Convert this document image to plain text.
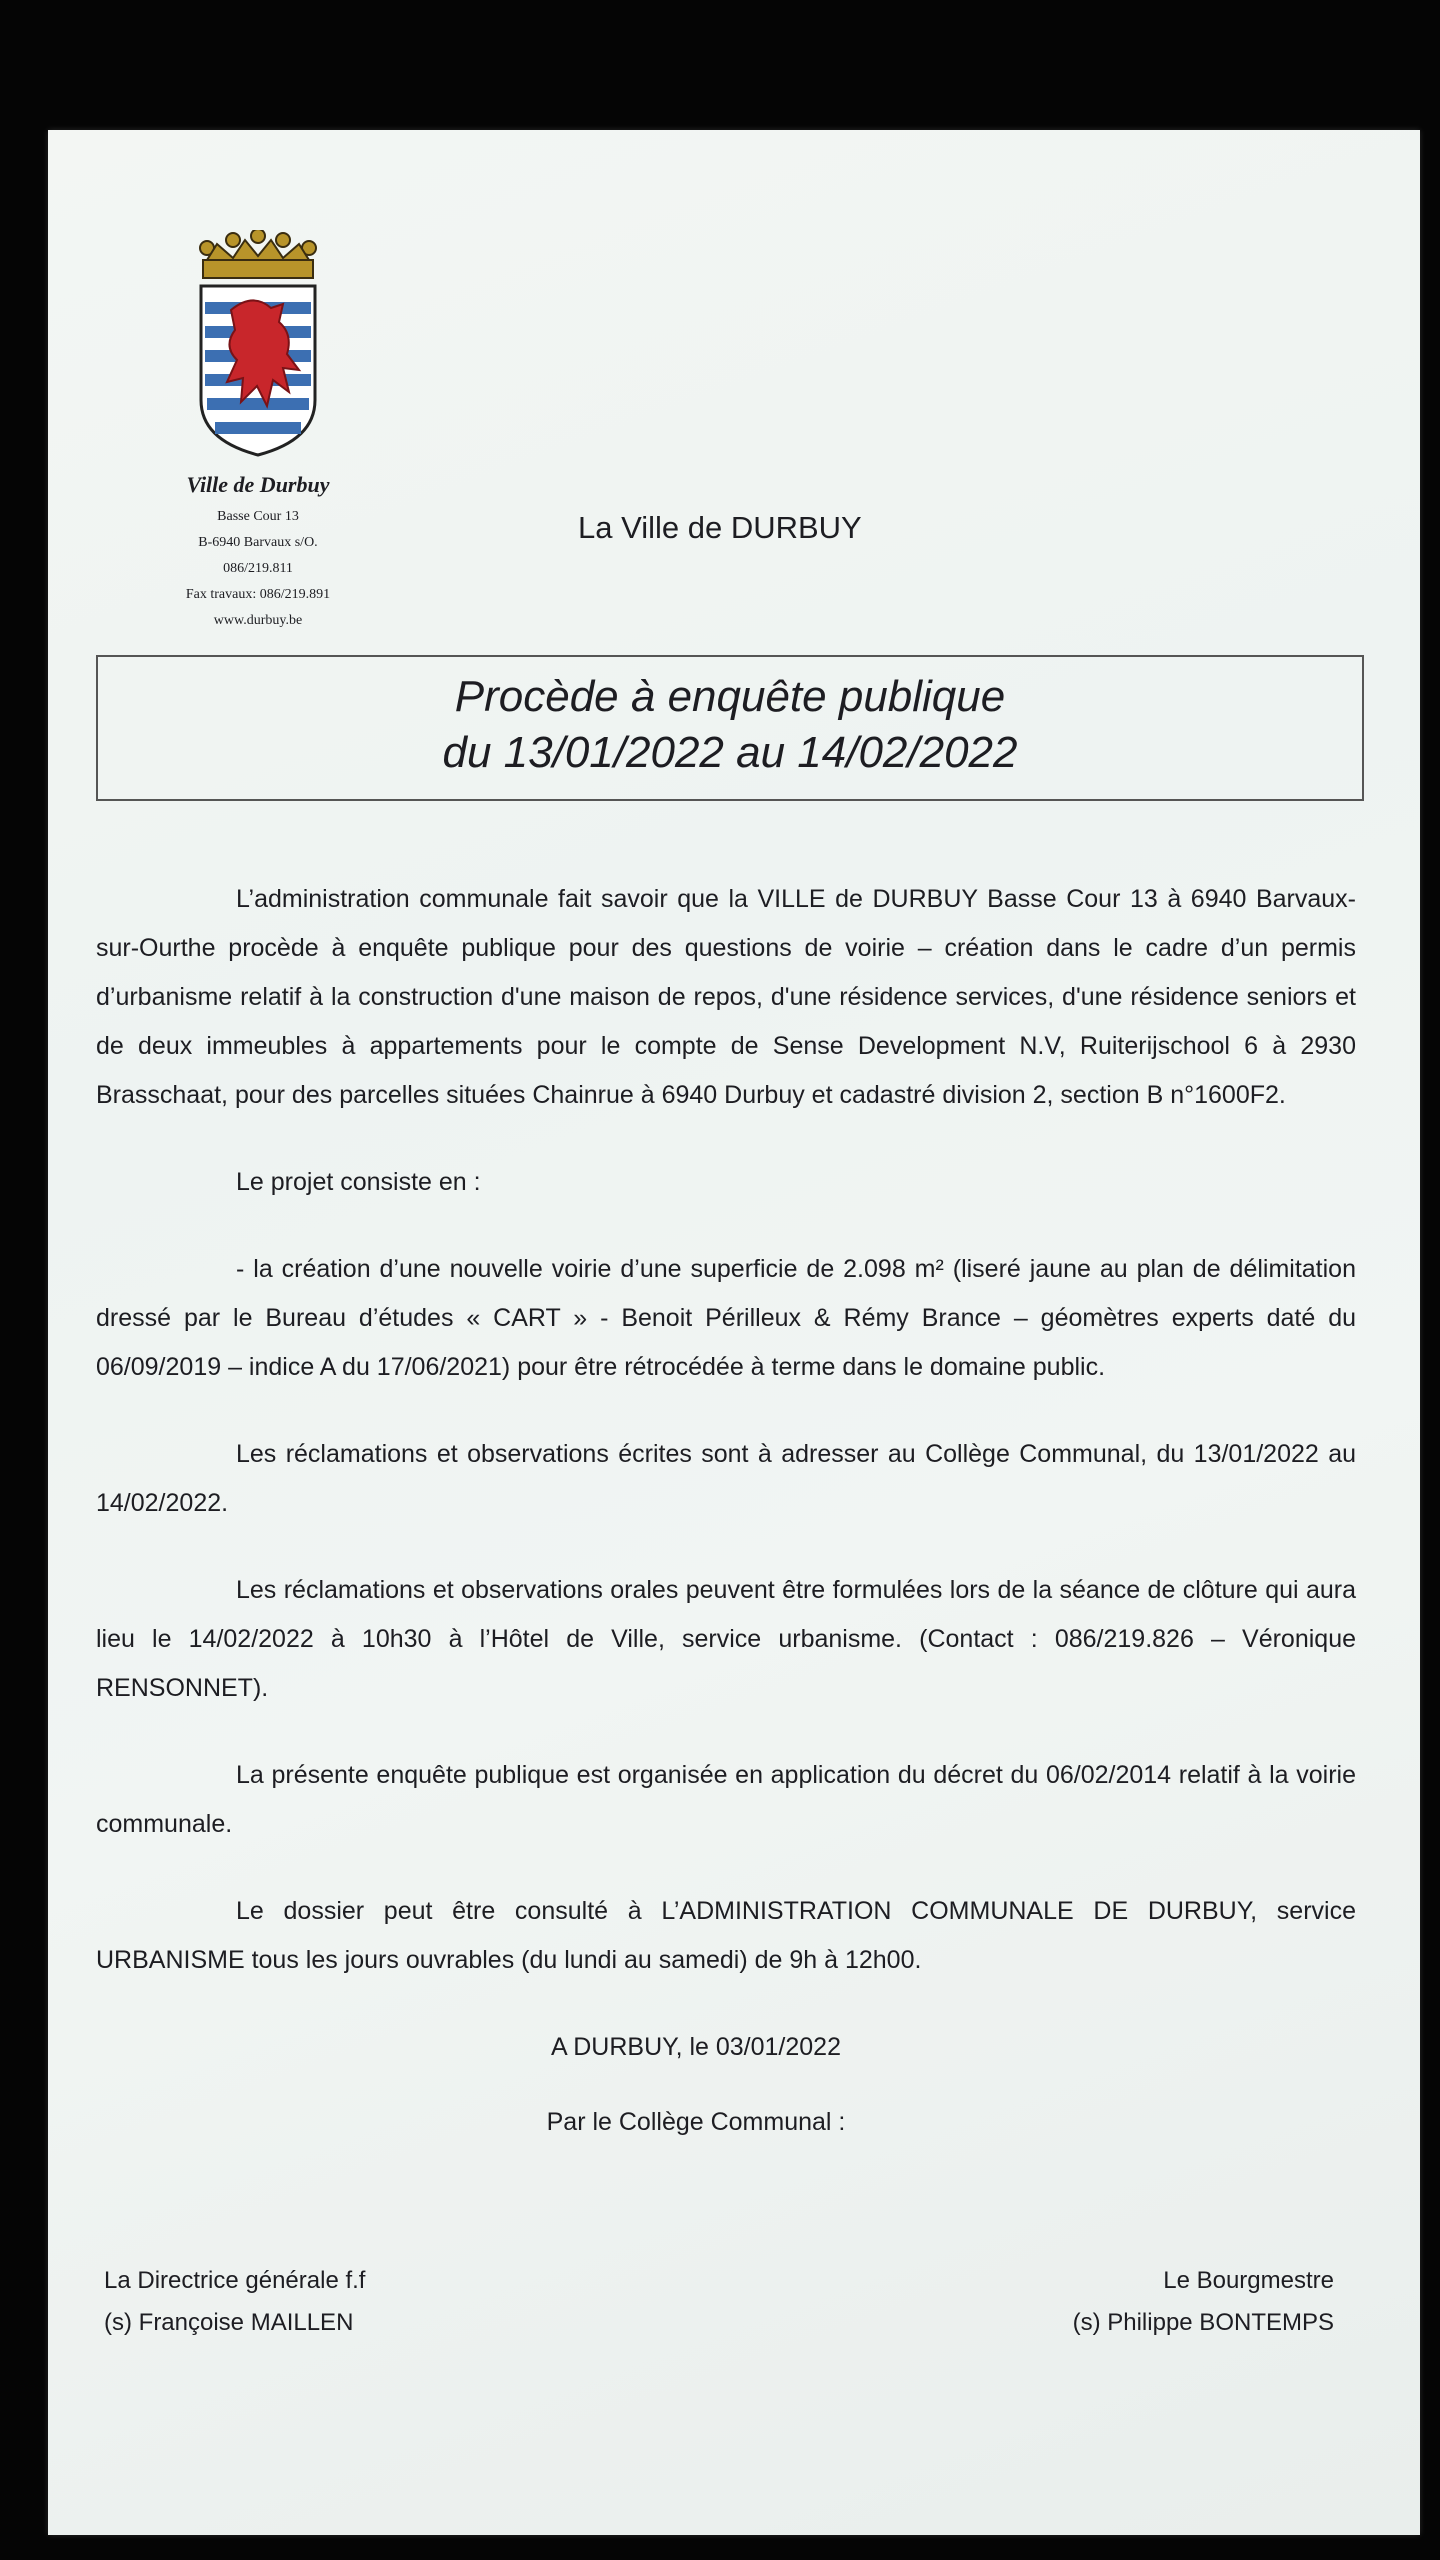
Ville de Durbuy
Basse Cour 13
B-6940 Barvaux s/O.
086/219.811
Fax travaux: 086/219.891
www.durbuy.be
La Ville de DURBUY
Procède à enquête publique
du 13/01/2022 au 14/02/2022

L’administration communale fait savoir que la VILLE de DURBUY Basse Cour 13 à 6940 Barvaux-sur-Ourthe procède à enquête publique pour des questions de voirie – création dans le cadre d’un permis d’urbanisme relatif à la construction d'une maison de repos, d'une résidence services, d'une résidence seniors et de deux immeubles à appartements pour le compte de Sense Development N.V, Ruiterijschool 6 à 2930 Brasschaat, pour des parcelles situées Chainrue à 6940 Durbuy et cadastré division 2, section B n°1600F2.

Le projet consiste en :

- la création d’une nouvelle voirie d’une superficie de 2.098 m² (liseré jaune au plan de délimitation dressé par le Bureau d’études « CART » - Benoit Périlleux & Rémy Brance – géomètres experts daté du 06/09/2019 – indice A du 17/06/2021) pour être rétrocédée à terme dans le domaine public.

Les réclamations et observations écrites sont à adresser au Collège Communal, du 13/01/2022 au 14/02/2022.

Les réclamations et observations orales peuvent être formulées lors de la séance de clôture qui aura lieu le 14/02/2022 à 10h30 à l’Hôtel de Ville, service urbanisme. (Contact : 086/219.826 – Véronique RENSONNET).

La présente enquête publique est organisée en application du décret du 06/02/2014 relatif à la voirie communale.

Le dossier peut être consulté à L’ADMINISTRATION COMMUNALE DE DURBUY, service URBANISME tous les jours ouvrables (du lundi au samedi) de 9h à 12h00.

A DURBUY, le 03/01/2022

Par le Collège Communal :

La Directrice générale f.f
(s) Françoise MAILLEN
Le Bourgmestre
(s) Philippe BONTEMPS
